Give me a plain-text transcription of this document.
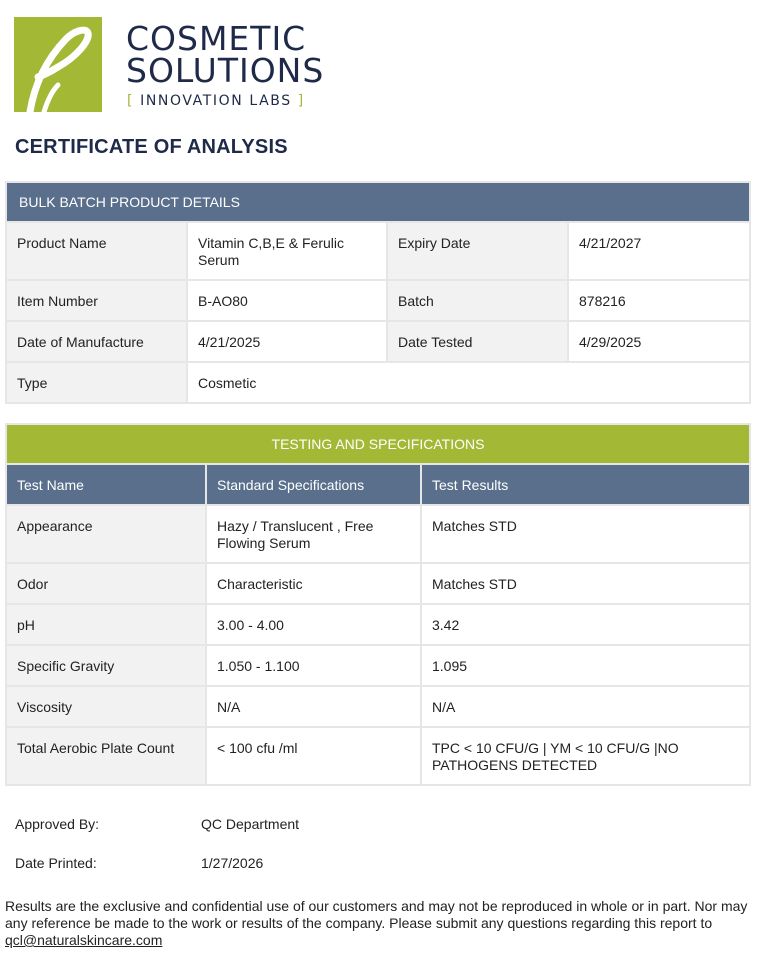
COSMETIC
SOLUTIONS
[ INNOVATION LABS ]
CERTIFICATE OF ANALYSIS
BULK BATCH PRODUCT DETAILS			
Product Name	Vitamin C,B,E & Ferulic Serum	Expiry Date	4/21/2027
Item Number	B-AO80	Batch	878216
Date of Manufacture	4/21/2025	Date Tested	4/29/2025
Type	Cosmetic		
TESTING AND SPECIFICATIONS		
Test Name	Standard Specifications	Test Results
Appearance	Hazy / Translucent , Free Flowing Serum	Matches STD
Odor	Characteristic	Matches STD
pH	3.00 - 4.00	3.42
Specific Gravity	1.050 - 1.100	1.095
Viscosity	N/A	N/A
Total Aerobic Plate Count	< 100 cfu /ml	TPC < 10 CFU/G | YM < 10 CFU/G |NO PATHOGENS DETECTED
Approved By:	QC Department
Date Printed:	1/27/2026
Results are the exclusive and confidential use of our customers and may not be reproduced in whole or in part. Nor may any reference be made to the work or results of the company. Please submit any questions regarding this report to qcl@naturalskincare.com
